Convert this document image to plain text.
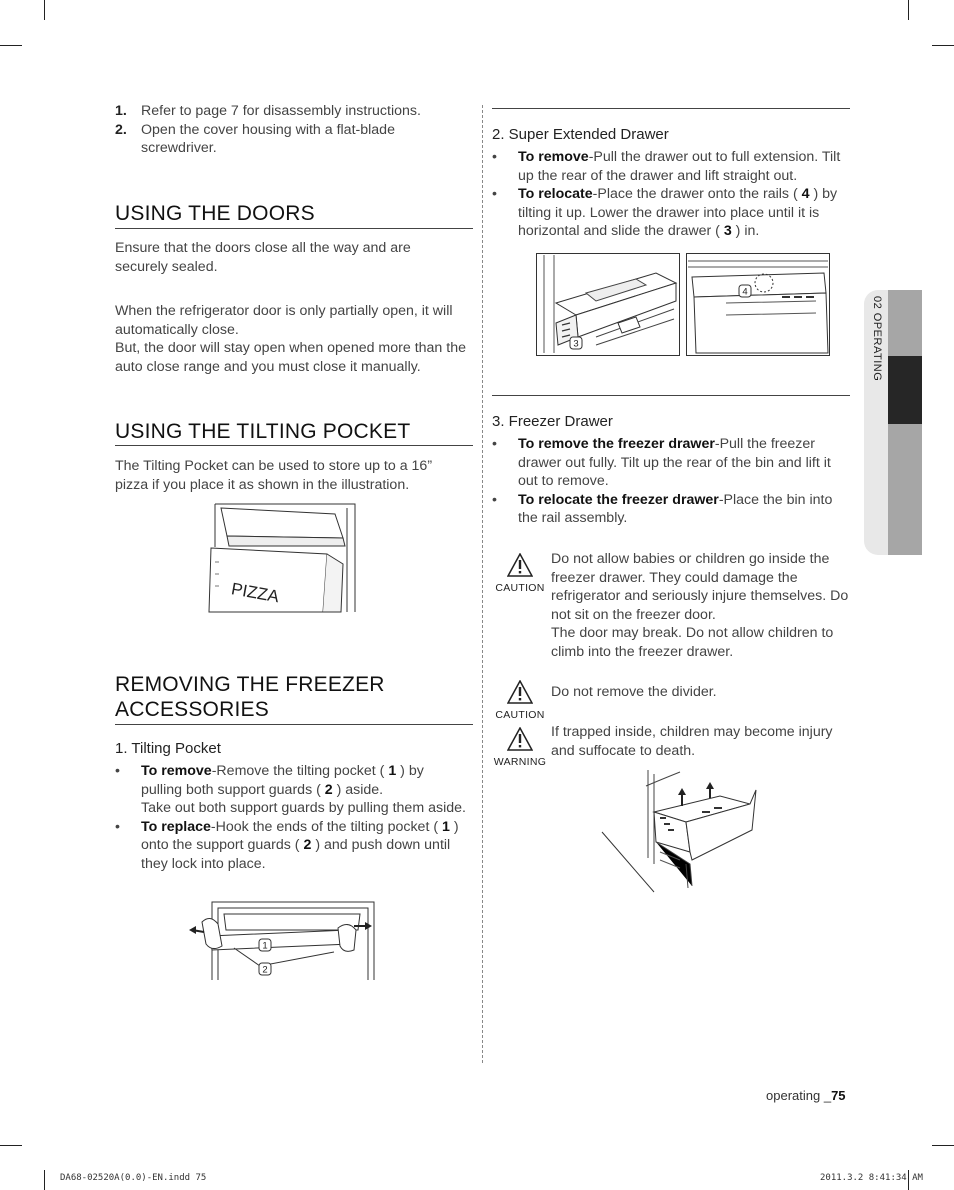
1. Refer to page 7 for disassembly instructions.
2. Open the cover housing with a flat-blade screwdriver.
USING THE DOORS
Ensure that the doors close all the way and are securely sealed.
When the refrigerator door is only partially open, it will automatically close.
But, the door will stay open when opened more than the auto close range and you must close it manually.
USING THE TILTING POCKET
The Tilting Pocket can be used to store up to a 16” pizza if you place it as shown in the illustration.
PIZZA
REMOVING THE FREEZER
ACCESSORIES
1. Tilting Pocket
• To remove-Remove the tilting pocket ( 1 ) by pulling both support guards ( 2 ) aside.
Take out both support guards by pulling them aside.
• To replace-Hook the ends of the tilting pocket ( 1 ) onto the support guards ( 2 ) and push down until they lock into place.
1
2
2. Super Extended Drawer
• To remove-Pull the drawer out to full extension. Tilt up the rear of the drawer and lift straight out.
• To relocate-Place the drawer onto the rails ( 4 ) by tilting it up. Lower the drawer into place until it is horizontal and slide the drawer ( 3 ) in.
3
4
3. Freezer Drawer
• To remove the freezer drawer-Pull the freezer drawer out fully. Tilt up the rear of the bin and lift it out to remove.
• To relocate the freezer drawer-Place the bin into the rail assembly.
CAUTION
Do not allow babies or children go inside the freezer drawer. They could damage the refrigerator and seriously injure themselves. Do not sit on the freezer door.
The door may break. Do not allow children to climb into the freezer drawer.
CAUTION
Do not remove the divider.
WARNING
If trapped inside, children may become injury and suffocate to death.
02 OPERATING
operating _75
DA68-02520A(0.0)-EN.indd 75	2011.3.2 8:41:34 AM
